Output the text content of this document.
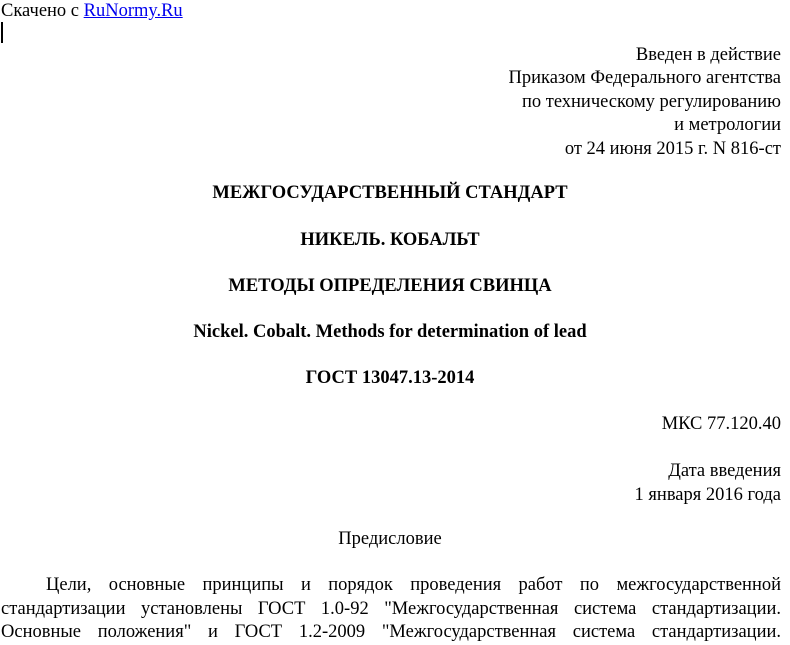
Скачено с RuNormy.Ru
Введен в действие
Приказом Федерального агентства
по техническому регулированию
и метрологии
от 24 июня 2015 г. N 816-ст
МЕЖГОСУДАРСТВЕННЫЙ СТАНДАРТ
НИКЕЛЬ. КОБАЛЬТ
МЕТОДЫ ОПРЕДЕЛЕНИЯ СВИНЦА
Nickel. Cobalt. Methods for determination of lead
ГОСТ 13047.13-2014
МКС 77.120.40
Дата введения
1 января 2016 года
Предисловие
Цели, основные принципы и порядок проведения работ по межгосударственной
стандартизации установлены ГОСТ 1.0-92 "Межгосударственная система стандартизации.
Основные положения" и ГОСТ 1.2-2009 "Межгосударственная система стандартизации.
